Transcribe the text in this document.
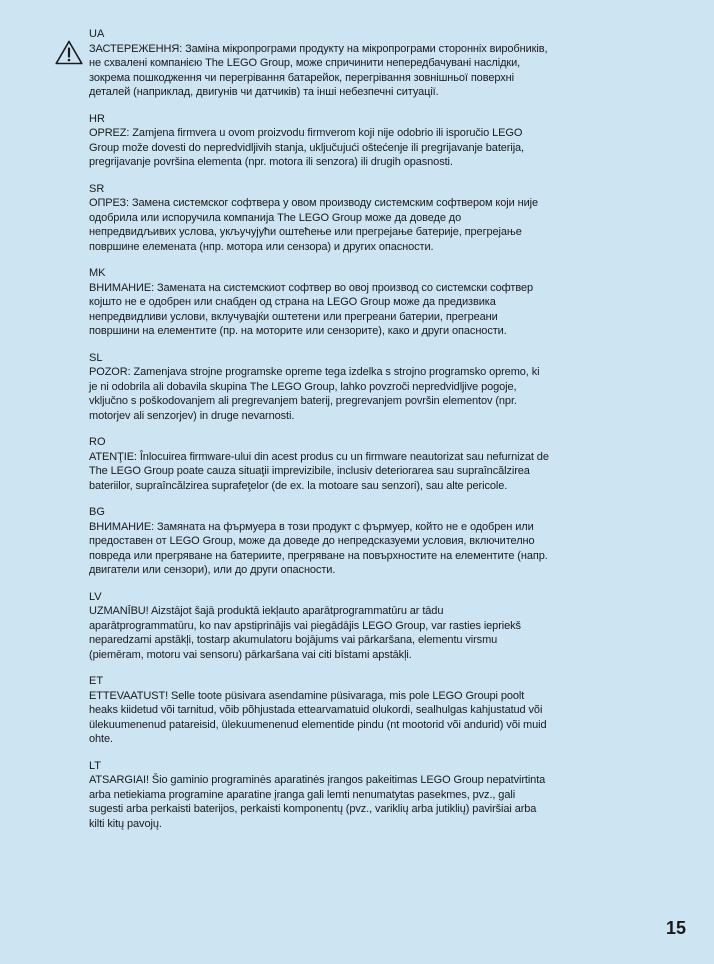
UA
ЗАСТЕРЕЖЕННЯ: Заміна мікропрограми продукту на мікропрограми сторонніх виробників, не схвалені компанією The LEGO Group, може спричинити непередбачувані наслідки, зокрема пошкодження чи перегрівання батарейок, перегрівання зовнішньої поверхні деталей (наприклад, двигунів чи датчиків) та інші небезпечні ситуації.
HR
OPREZ: Zamjena firmvera u ovom proizvodu firmverom koji nije odobrio ili isporučio LEGO Group može dovesti do nepredvidljivih stanja, uključujući oštećenje ili pregrijavanje baterija, pregrijavanje površina elementa (npr. motora ili senzora) ili drugih opasnosti.
SR
ОПРЕЗ: Замена системског софтвера у овом производу системским софтвером који није одобрила или испоручила компанија The LEGO Group може да доведе до непредвидљивих услова, укључујући оштећење или прегрејање батерије, прегрејање површине елемената (нпр. мотора или сензора) и других опасности.
MK
ВНИМАНИЕ: Замената на системскиот софтвер во овој производ со системски софтвер којшто не е одобрен или снабден од страна на LEGO Group може да предизвика непредвидливи услови, вклучувајќи оштетени или прегреани батерии, прегреани површини на елементите (пр. на моторите или сензорите), како и други опасности.
SL
POZOR: Zamenjava strojne programske opreme tega izdelka s strojno programsko opremo, ki je ni odobrila ali dobavila skupina The LEGO Group, lahko povzroči nepredvidljive pogoje, vključno s poškodovanjem ali pregrevanjem baterij, pregrevanjem površin elementov (npr. motorjev ali senzorjev) in druge nevarnosti.
RO
ATENŢIE: Înlocuirea firmware-ului din acest produs cu un firmware neautorizat sau nefurnizat de The LEGO Group poate cauza situaţii imprevizibile, inclusiv deteriorarea sau supraîncălzirea bateriilor, supraîncălzirea suprafeţelor (de ex. la motoare sau senzori), sau alte pericole.
BG
ВНИМАНИЕ: Замяната на фърмуера в този продукт с фърмуер, който не е одобрен или предоставен от LEGO Group, може да доведе до непредсказуеми условия, включително повреда или прегряване на батериите, прегряване на повърхностите на елементите (напр. двигатели или сензори), или до други опасности.
LV
UZMANĪBU! Aizstājot šajā produktā iekļauto aparātprogrammatūru ar tādu aparātprogrammatūru, ko nav apstiprinājis vai piegādājis LEGO Group, var rasties iepriekš neparedzami apstākļi, tostarp akumulatoru bojājums vai pārkaršana, elementu virsmu (piemēram, motoru vai sensoru) pārkaršana vai citi bīstami apstākļi.
ET
ETTEVAATUST! Selle toote püsivara asendamine püsivaraga, mis pole LEGO Groupi poolt heaks kiidetud või tarnitud, võib põhjustada ettearvamatuid olukordi, sealhulgas kahjustatud või ülekuumenenud patareisid, ülekuumenenud elementide pindu (nt mootorid või andurid) või muid ohte.
LT
ATSARGIAI! Šio gaminio programinės aparatinės įrangos pakeitimas LEGO Group nepatvirtinta arba netiekiama programine aparatine įranga gali lemti nenumatytas pasekmes, pvz., gali sugesti arba perkaisti baterijos, perkaisti komponentų (pvz., variklių arba jutiklių) paviršiai arba kilti kitų pavojų.
15
